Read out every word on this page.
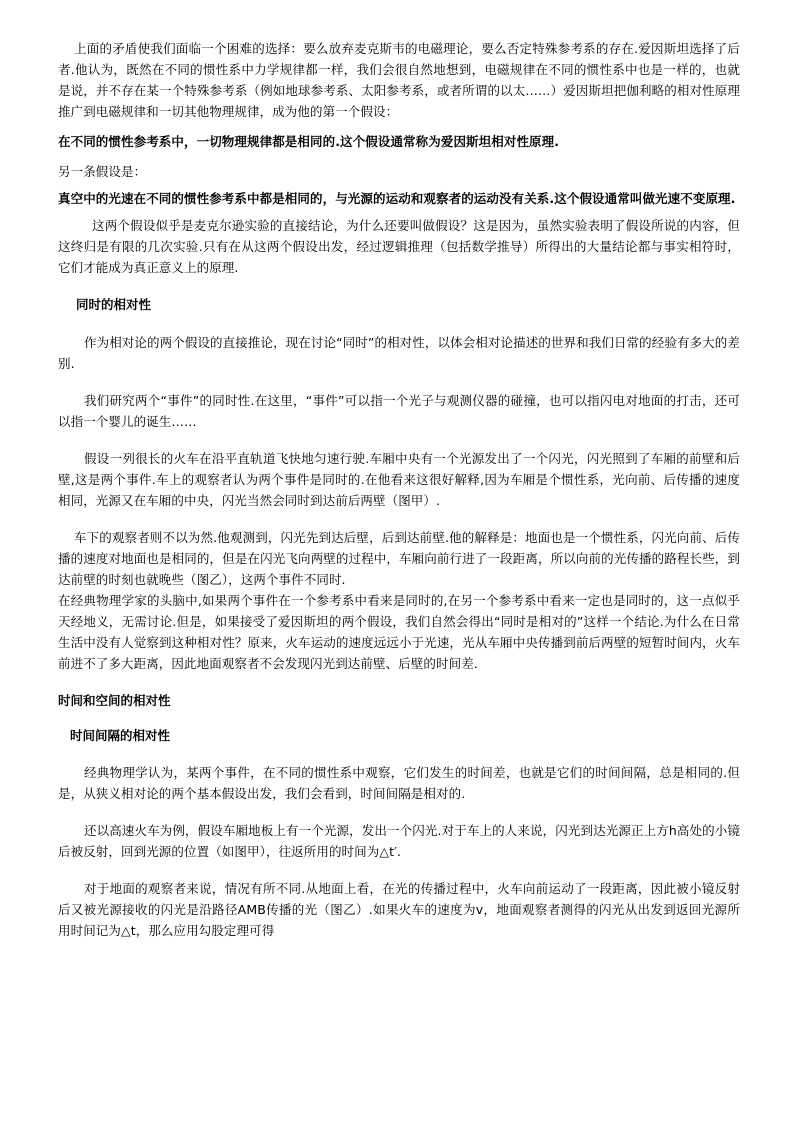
上面的矛盾使我们面临一个困难的选择：要么放弃麦克斯韦的电磁理论，要么否定特殊参考系的存在.爱因斯坦选择了后者.他认为，既然在不同的惯性系中力学规律都一样，我们会很自然地想到，电磁规律在不同的惯性系中也是一样的，也就是说，并不存在某一个特殊参考系（例如地球参考系、太阳参考系，或者所谓的以太……）爱因斯坦把伽利略的相对性原理推广到电磁规律和一切其他物理规律，成为他的第一个假设：

在不同的惯性参考系中，一切物理规律都是相同的.这个假设通常称为爱因斯坦相对性原理.

另一条假设是：

真空中的光速在不同的惯性参考系中都是相同的，与光源的运动和观察者的运动没有关系.这个假设通常叫做光速不变原理.

这两个假设似乎是麦克尔逊实验的直接结论，为什么还要叫做假设？这是因为，虽然实验表明了假设所说的内容，但这终归是有限的几次实验.只有在从这两个假设出发，经过逻辑推理（包括数学推导）所得出的大量结论都与事实相符时，它们才能成为真正意义上的原理.

同时的相对性

作为相对论的两个假设的直接推论，现在讨论“同时”的相对性，以体会相对论描述的世界和我们日常的经验有多大的差别.

我们研究两个“事件”的同时性.在这里，“事件”可以指一个光子与观测仪器的碰撞，也可以指闪电对地面的打击，还可以指一个婴儿的诞生……

假设一列很长的火车在沿平直轨道飞快地匀速行驶.车厢中央有一个光源发出了一个闪光，闪光照到了车厢的前壁和后壁,这是两个事件.车上的观察者认为两个事件是同时的.在他看来这很好解释,因为车厢是个惯性系，光向前、后传播的速度相同，光源又在车厢的中央，闪光当然会同时到达前后两壁（图甲）.

车下的观察者则不以为然.他观测到，闪光先到达后壁，后到达前壁.他的解释是：地面也是一个惯性系，闪光向前、后传播的速度对地面也是相同的，但是在闪光飞向两壁的过程中，车厢向前行进了一段距离，所以向前的光传播的路程长些，到达前壁的时刻也就晚些（图乙），这两个事件不同时.

在经典物理学家的头脑中,如果两个事件在一个参考系中看来是同时的,在另一个参考系中看来一定也是同时的，这一点似乎天经地义，无需讨论.但是，如果接受了爱因斯坦的两个假设，我们自然会得出“同时是相对的”这样一个结论.为什么在日常生活中没有人觉察到这种相对性？原来，火车运动的速度远远小于光速，光从车厢中央传播到前后两壁的短暂时间内，火车前进不了多大距离，因此地面观察者不会发现闪光到达前壁、后壁的时间差.

时间和空间的相对性
时间间隔的相对性

经典物理学认为，某两个事件，在不同的惯性系中观察，它们发生的时间差，也就是它们的时间间隔，总是相同的.但是，从狭义相对论的两个基本假设出发，我们会看到，时间间隔是相对的.

还以高速火车为例，假设车厢地板上有一个光源，发出一个闪光.对于车上的人来说，闪光到达光源正上方h高处的小镜后被反射，回到光源的位置（如图甲），往返所用的时间为△t′.

对于地面的观察者来说，情况有所不同.从地面上看，在光的传播过程中，火车向前运动了一段距离，因此被小镜反射后又被光源接收的闪光是沿路径AMB传播的光（图乙）.如果火车的速度为v，地面观察者测得的闪光从出发到返回光源所用时间记为△t，那么应用勾股定理可得
